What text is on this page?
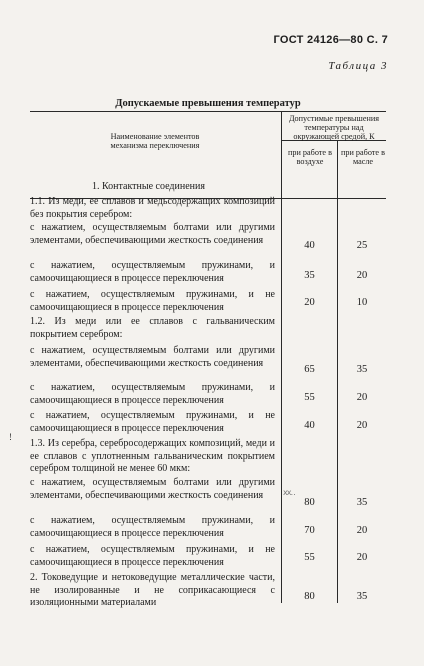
ГОСТ 24126—80 С. 7
Таблица 3
Допускаемые превышения температур
Наименование элементов механизма переключения
Допустимые превышения температуры над окружающей средой, К
при работе в воздухе
при работе в масле
1. Контактные соединения
1.1. Из меди, ее сплавов и медьсодержащих композиций без покрытия серебром:
с нажатием, осуществляемым болтами или другими элементами, обеспечивающими жесткость соединения
с нажатием, осуществляемым пружинами, и самоочищающиеся в процессе переключения
с нажатием, осуществляемым пружинами, и не самоочищающиеся в процессе переключения
1.2. Из меди или ее сплавов с гальваническим покрытием серебром:
с нажатием, осуществляемым болтами или другими элементами, обеспечивающими жесткость соединения
с нажатием, осуществляемым пружинами, и самоочищающиеся в процессе переключения
с нажатием, осуществляемым пружинами, и не самоочищающиеся в процессе переключения
1.3. Из серебра, серебросодержащих композиций, меди и ее сплавов с уплотненным гальваническим покрытием серебром толщиной не менее 60 мкм:
с нажатием, осуществляемым болтами или другими элементами, обеспечивающими жесткость соединения
с нажатием, осуществляемым пружинами, и самоочищающиеся в процессе переключения
с нажатием, осуществляемым пружинами, и не самоочищающиеся в процессе переключения
2. Токоведущие и нетоковедущие металлические части, не изолированные и не соприкасающиеся с изоляционными материалами
40
35
20
65
55
40
80
70
55
80
25
20
10
35
20
20
35
20
20
35
ⅹⅹ‥
!
